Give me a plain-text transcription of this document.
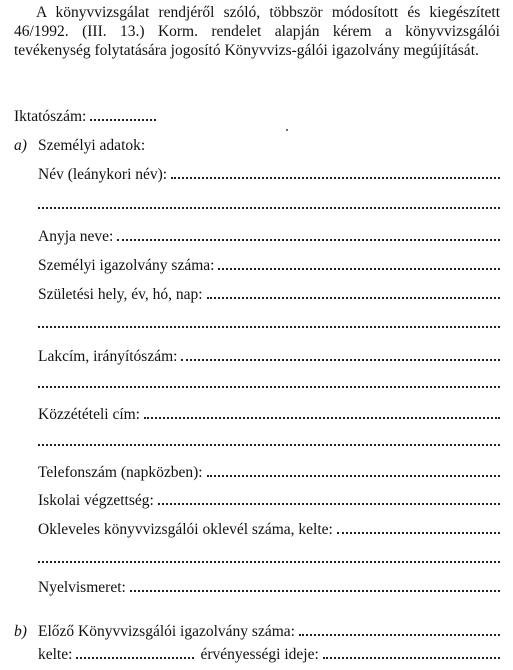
A könyvvizsgálat rendjéről szóló, többször módosított és kiegészített 46/1992. (III. 13.) Korm. rendelet alapján kérem a könyvvizsgálói tevékenység folytatására jogosító Könyvvizs-gálói igazolvány megújítását.

Iktatószám:
a) Személyi adatok:
Név (leánykori név):
Anyja neve:
Személyi igazolvány száma:
Születési hely, év, hó, nap:
Lakcím, irányítószám:
Közzétételi cím:
Telefonszám (napközben):
Iskolai végzettség:
Okleveles könyvvizsgálói oklevél száma, kelte:
Nyelvismeret:
b) Előző Könyvvizsgálói igazolvány száma:
kelte:	érvényességi ideje:
